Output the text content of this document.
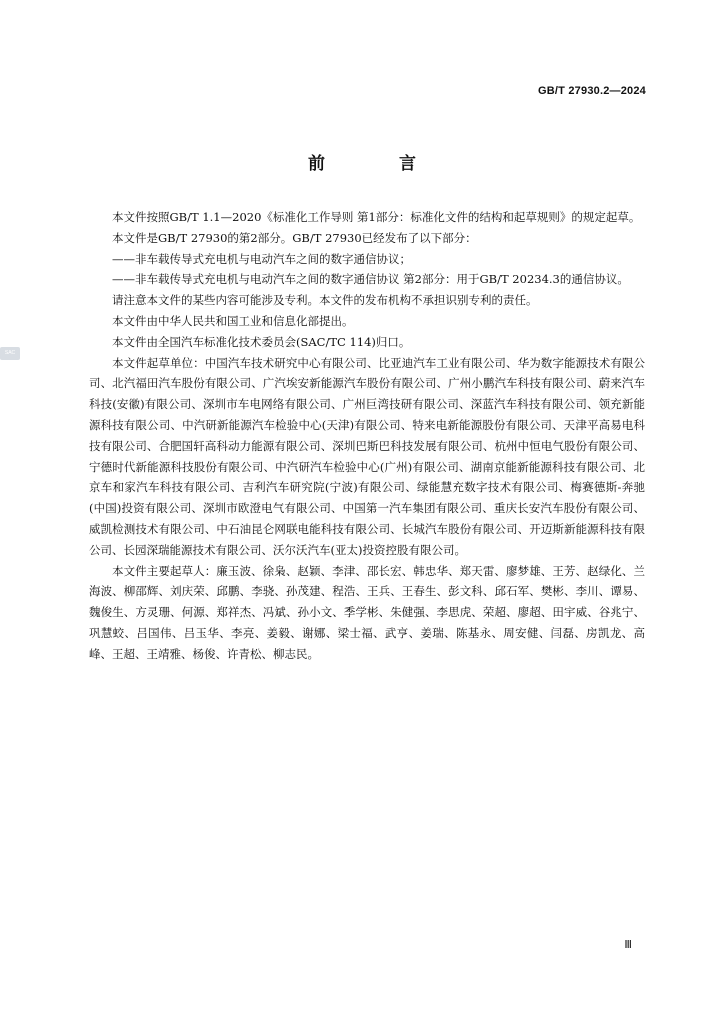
GB/T 27930.2—2024
前 言
SAC

本文件按照GB/T 1.1—2020《标准化工作导则 第1部分：标准化文件的结构和起草规则》的规定起草。

本文件是GB/T 27930的第2部分。GB/T 27930已经发布了以下部分：

——非车载传导式充电机与电动汽车之间的数字通信协议；

——非车载传导式充电机与电动汽车之间的数字通信协议 第2部分：用于GB/T 20234.3的通信协议。

请注意本文件的某些内容可能涉及专利。本文件的发布机构不承担识别专利的责任。

本文件由中华人民共和国工业和信息化部提出。

本文件由全国汽车标准化技术委员会(SAC/TC 114)归口。

本文件起草单位：中国汽车技术研究中心有限公司、比亚迪汽车工业有限公司、华为数字能源技术有限公司、北汽福田汽车股份有限公司、广汽埃安新能源汽车股份有限公司、广州小鹏汽车科技有限公司、蔚来汽车科技(安徽)有限公司、深圳市车电网络有限公司、广州巨湾技研有限公司、深蓝汽车科技有限公司、领充新能源科技有限公司、中汽研新能源汽车检验中心(天津)有限公司、特来电新能源股份有限公司、天津平高易电科技有限公司、合肥国轩高科动力能源有限公司、深圳巴斯巴科技发展有限公司、杭州中恒电气股份有限公司、宁德时代新能源科技股份有限公司、中汽研汽车检验中心(广州)有限公司、湖南京能新能源科技有限公司、北京车和家汽车科技有限公司、吉利汽车研究院(宁波)有限公司、绿能慧充数字技术有限公司、梅赛德斯-奔驰(中国)投资有限公司、深圳市欧澄电气有限公司、中国第一汽车集团有限公司、重庆长安汽车股份有限公司、威凯检测技术有限公司、中石油昆仑网联电能科技有限公司、长城汽车股份有限公司、开迈斯新能源科技有限公司、长园深瑞能源技术有限公司、沃尔沃汽车(亚太)投资控股有限公司。

本文件主要起草人：廉玉波、徐枭、赵颖、李津、邵长宏、韩忠华、郑天雷、廖梦雄、王芳、赵绿化、兰海波、柳邵辉、刘庆荣、邱鹏、李骁、孙茂建、程浩、王兵、王春生、彭文科、邱石军、樊彬、李川、谭易、魏俊生、方灵珊、何源、郑祥杰、冯斌、孙小文、季学彬、朱健强、李思虎、荣超、廖超、田宇威、谷兆宁、巩慧蛟、吕国伟、吕玉华、李亮、姜毅、谢娜、梁士福、武亨、姜瑞、陈基永、周安健、闫磊、房凯龙、高峰、王超、王靖雅、杨俊、许青松、柳志民。

Ⅲ
